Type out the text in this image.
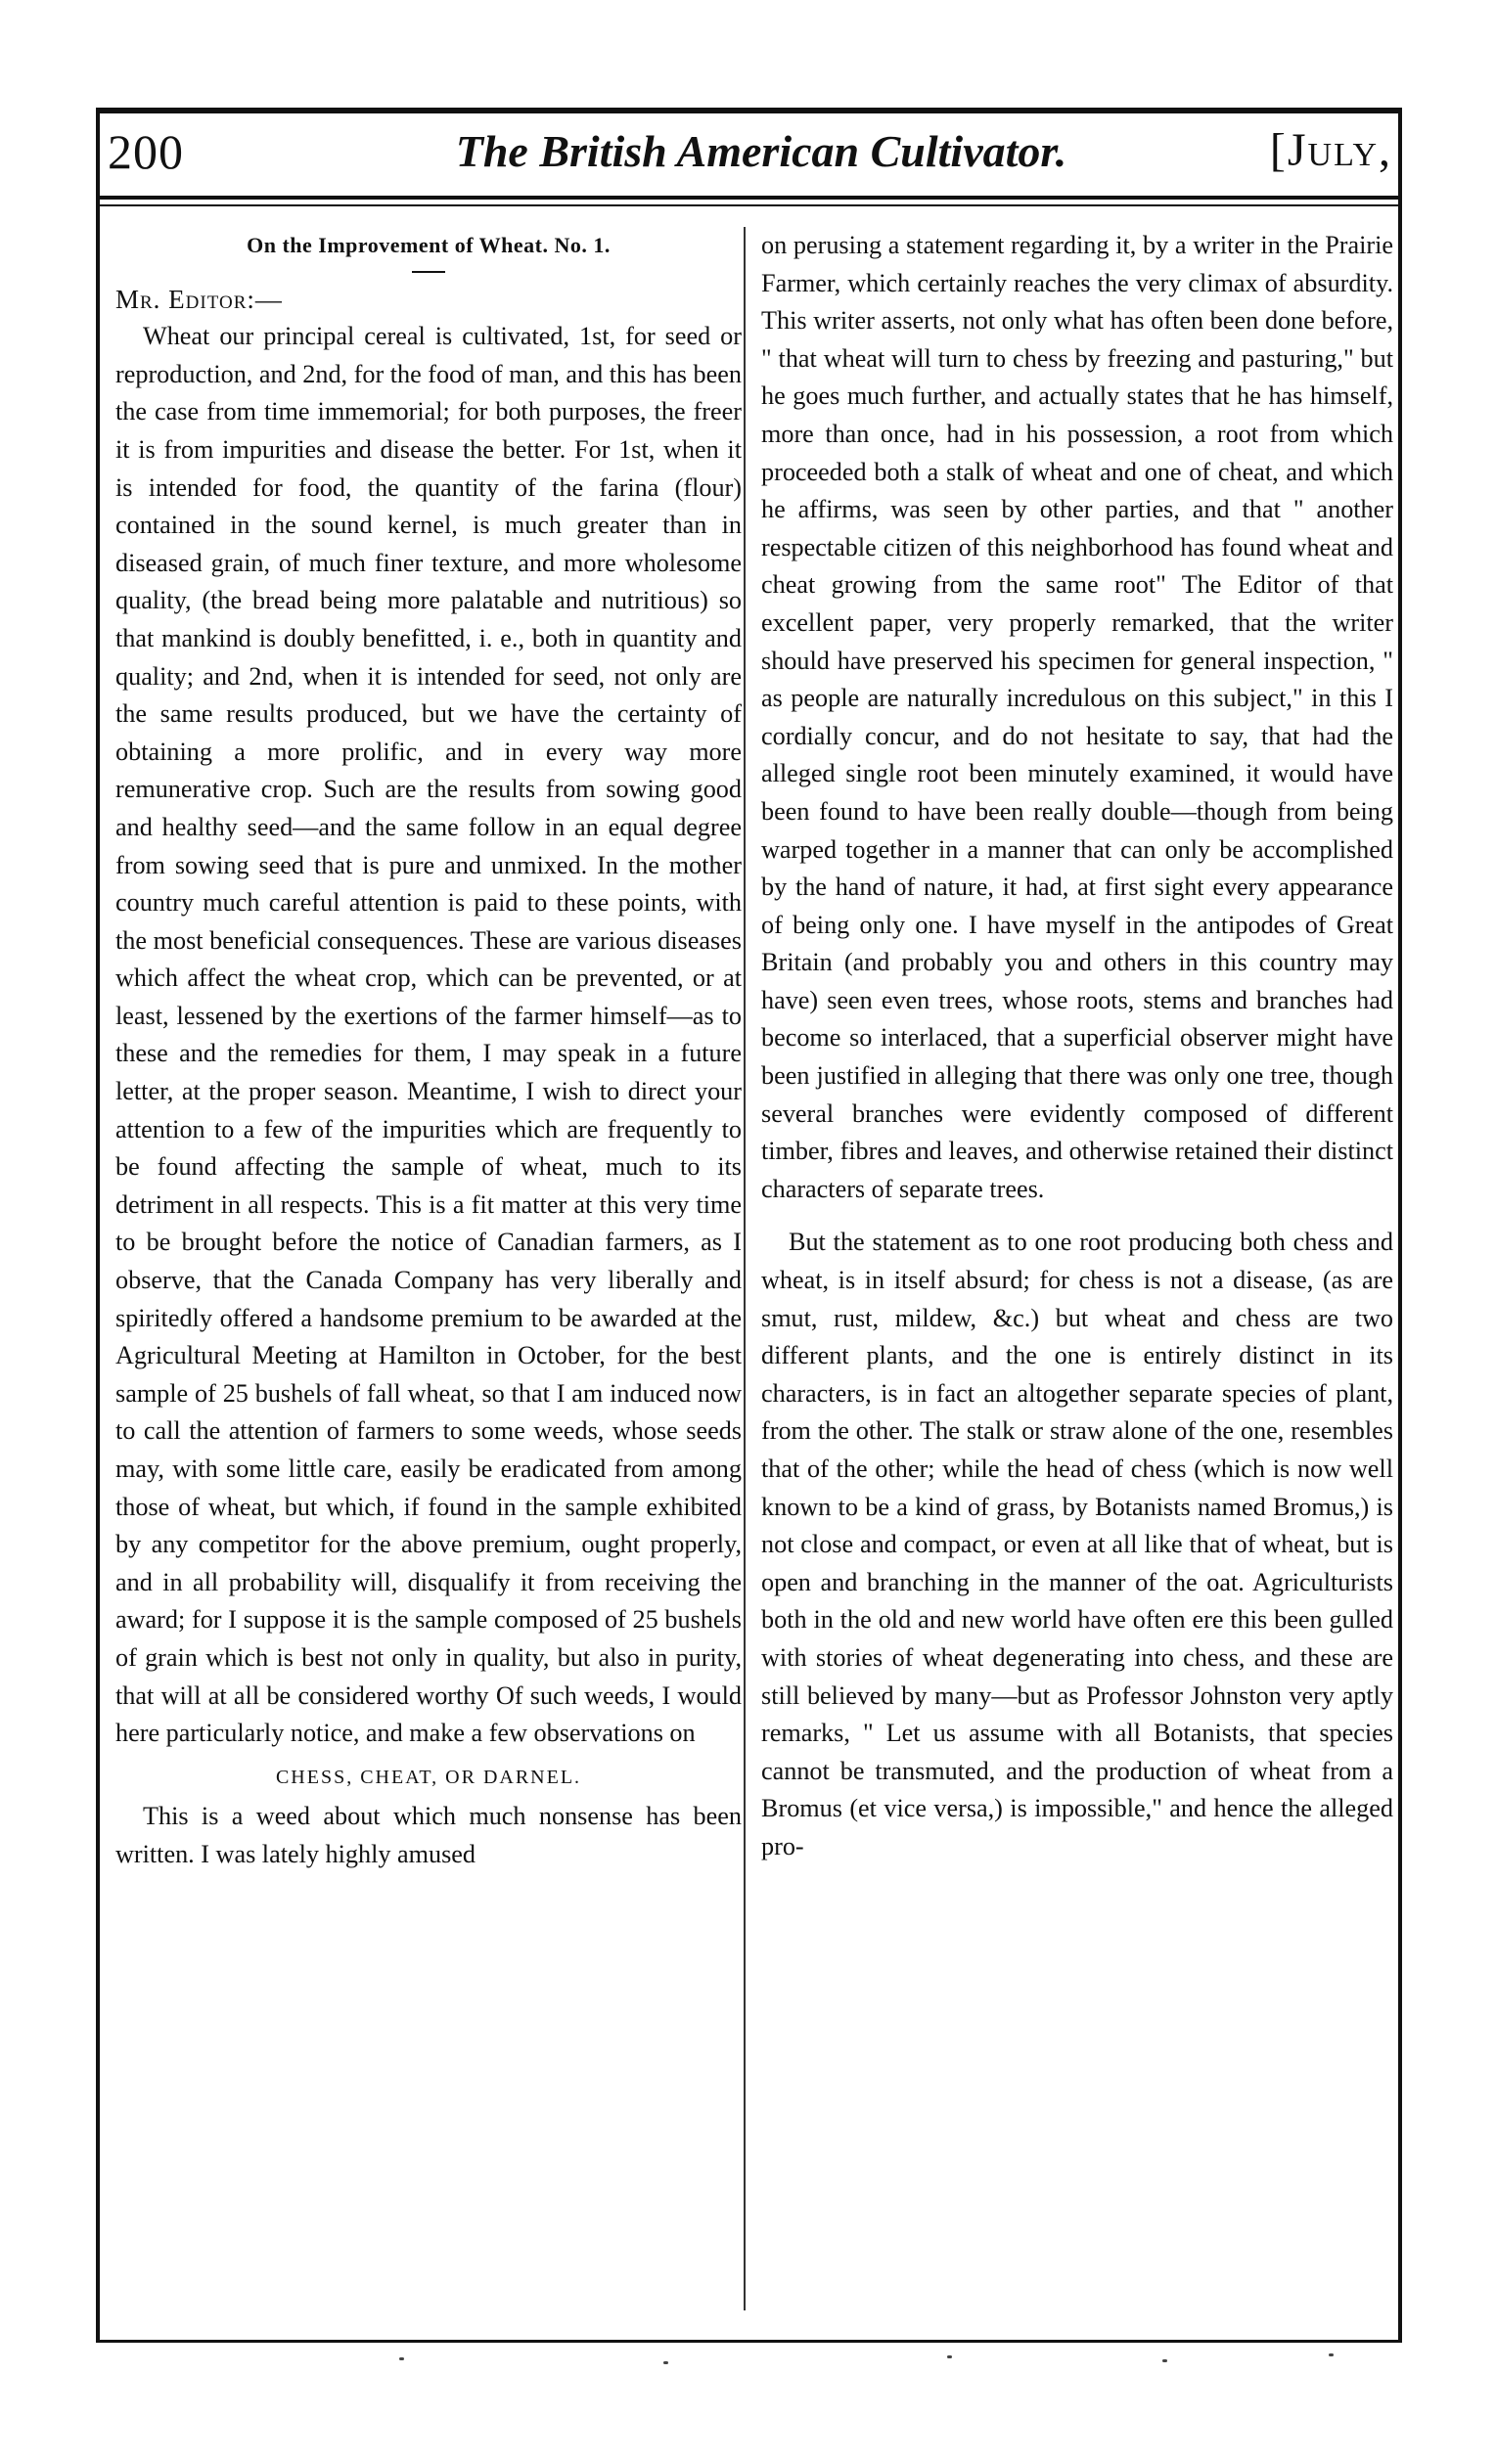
200	The British American Cultivator.	[July,
On the Improvement of Wheat. No. 1.

Mr. Editor:—

Wheat our principal cereal is cultivated, 1st, for seed or reproduction, and 2nd, for the food of man, and this has been the case from time immemorial; for both purposes, the freer it is from impurities and disease the better. For 1st, when it is intended for food, the quantity of the farina (flour) contained in the sound kernel, is much greater than in diseased grain, of much finer texture, and more wholesome quality, (the bread being more palatable and nutritious) so that mankind is doubly benefitted, i. e., both in quantity and quality; and 2nd, when it is intended for seed, not only are the same results produced, but we have the certainty of obtaining a more prolific, and in every way more remunerative crop. Such are the results from sowing good and healthy seed—and the same follow in an equal degree from sowing seed that is pure and unmixed. In the mother country much careful attention is paid to these points, with the most beneficial consequences. These are various diseases which affect the wheat crop, which can be prevented, or at least, lessened by the exertions of the farmer himself—as to these and the remedies for them, I may speak in a future letter, at the proper season. Meantime, I wish to direct your attention to a few of the impurities which are frequently to be found affecting the sample of wheat, much to its detriment in all respects. This is a fit matter at this very time to be brought before the notice of Canadian farmers, as I observe, that the Canada Company has very liberally and spiritedly offered a handsome premium to be awarded at the Agricultural Meeting at Hamilton in October, for the best sample of 25 bushels of fall wheat, so that I am induced now to call the attention of farmers to some weeds, whose seeds may, with some little care, easily be eradicated from among those of wheat, but which, if found in the sample exhibited by any competitor for the above premium, ought properly, and in all probability will, disqualify it from receiving the award; for I suppose it is the sample composed of 25 bushels of grain which is best not only in quality, but also in purity, that will at all be considered worthy Of such weeds, I would here particularly notice, and make a few observations on

CHESS, CHEAT, OR DARNEL.

This is a weed about which much nonsense has been written. I was lately highly amused

on perusing a statement regarding it, by a writer in the Prairie Farmer, which certainly reaches the very climax of absurdity. This writer asserts, not only what has often been done before, " that wheat will turn to chess by freezing and pasturing," but he goes much further, and actually states that he has himself, more than once, had in his possession, a root from which proceeded both a stalk of wheat and one of cheat, and which he affirms, was seen by other parties, and that " another respectable citizen of this neighborhood has found wheat and cheat growing from the same root" The Editor of that excellent paper, very properly remarked, that the writer should have preserved his specimen for general inspection, " as people are naturally incredulous on this subject," in this I cordially concur, and do not hesitate to say, that had the alleged single root been minutely examined, it would have been found to have been really double—though from being warped together in a manner that can only be accomplished by the hand of nature, it had, at first sight every appearance of being only one. I have myself in the antipodes of Great Britain (and probably you and others in this country may have) seen even trees, whose roots, stems and branches had become so interlaced, that a superficial observer might have been justified in alleging that there was only one tree, though several branches were evidently composed of different timber, fibres and leaves, and otherwise retained their distinct characters of separate trees.

But the statement as to one root producing both chess and wheat, is in itself absurd; for chess is not a disease, (as are smut, rust, mildew, &c.) but wheat and chess are two different plants, and the one is entirely distinct in its characters, is in fact an altogether separate species of plant, from the other. The stalk or straw alone of the one, resembles that of the other; while the head of chess (which is now well known to be a kind of grass, by Botanists named Bromus,) is not close and compact, or even at all like that of wheat, but is open and branching in the manner of the oat. Agriculturists both in the old and new world have often ere this been gulled with stories of wheat degenerating into chess, and these are still believed by many—but as Professor Johnston very aptly remarks, " Let us assume with all Botanists, that species cannot be transmuted, and the production of wheat from a Bromus (et vice versa,) is impossible," and hence the alleged pro-
